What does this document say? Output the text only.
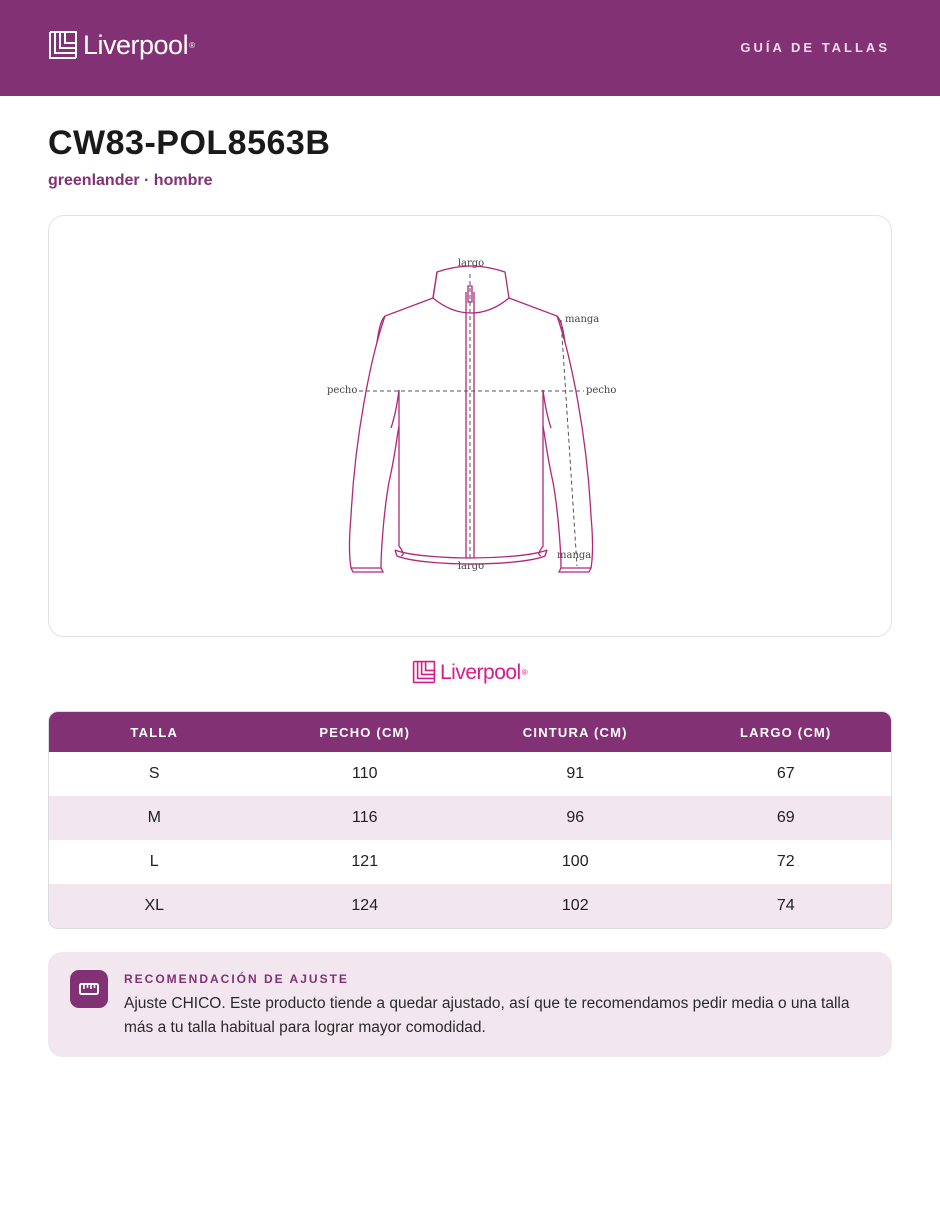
Liverpool ®	GUÍA DE TALLAS
CW83-POL8563B
greenlander · hombre
largo
largo
manga
manga
pecho	pecho
Liverpool ®
TALLA	PECHO (CM)	CINTURA (CM)	LARGO (CM)
S	110	91	67
M	116	96	69
L	121	100	72
XL	124	102	74
RECOMENDACIÓN DE AJUSTE
Ajuste CHICO. Este producto tiende a quedar ajustado, así que te recomendamos pedir media o una talla más a tu talla habitual para lograr mayor comodidad.
